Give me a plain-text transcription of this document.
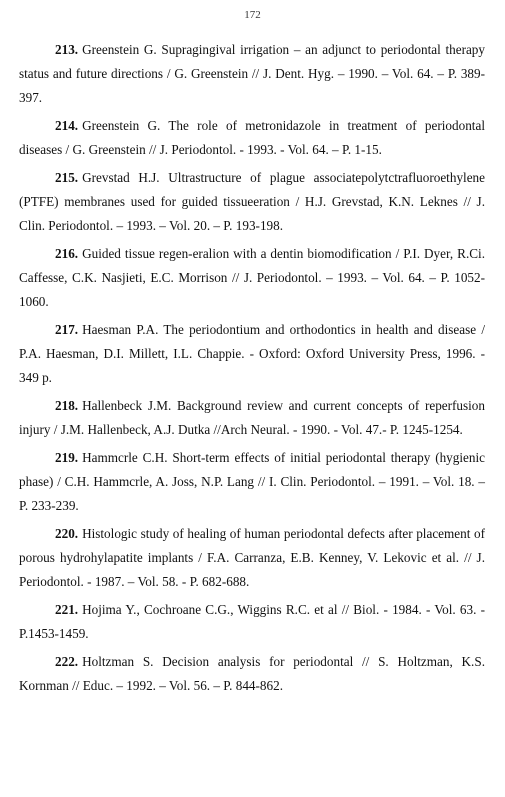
172

213. Greenstein G. Supragingival irrigation – an adjunct to periodontal therapy status and future directions / G. Greenstein // J. Dent. Hyg. – 1990. – Vol. 64. – P. 389-397.

214. Greenstein G. The role of metronidazole in treatment of periodontal diseases / G. Greenstein // J. Periodontol. - 1993. - Vol. 64. – P. 1-15.

215. Grevstad H.J. Ultrastructure of plague associatepolytctrafluoroethylene (PTFE) membranes used for guided tissueeration / H.J. Grevstad, K.N. Leknes // J. Clin. Periodontol. – 1993. – Vol. 20. – P. 193-198.

216. Guided tissue regen-eralion with a dentin biomodification / P.I. Dyer, R.Ci. Caffesse, C.K. Nasjieti, E.C. Morrison // J. Periodontol. – 1993. – Vol. 64. – P. 1052-1060.

217. Haesman P.A. The periodontium and orthodontics in health and disease / P.A. Haesman, D.I. Millett, I.L. Chappie. - Oxford: Oxford University Press, 1996. - 349 p.

218. Hallenbeck J.M. Background review and current concepts of reperfusion injury / J.M. Hallenbeck, A.J. Dutka //Arch Neural. - 1990. - Vol. 47.- P. 1245-1254.

219. Hammcrle C.H. Short-term effects of initial periodontal therapy (hygienic phase) / C.H. Hammcrle, A. Joss, N.P. Lang // I. Clin. Periodontol. – 1991. – Vol. 18. – P. 233-239.

220. Histologic study of healing of human periodontal defects after placement of porous hydrohylapatite implants / F.A. Carranza, E.B. Kenney, V. Lekovic et al. // J. Periodontol. - 1987. – Vol. 58. - P. 682-688.

221. Hojima Y., Cochroane C.G., Wiggins R.C. et al // Biol. - 1984. - Vol. 63. - P.1453-1459.

222. Holtzman S. Decision analysis for periodontal // S. Holtzman, K.S. Kornman // Educ. – 1992. – Vol. 56. – P. 844-862.
